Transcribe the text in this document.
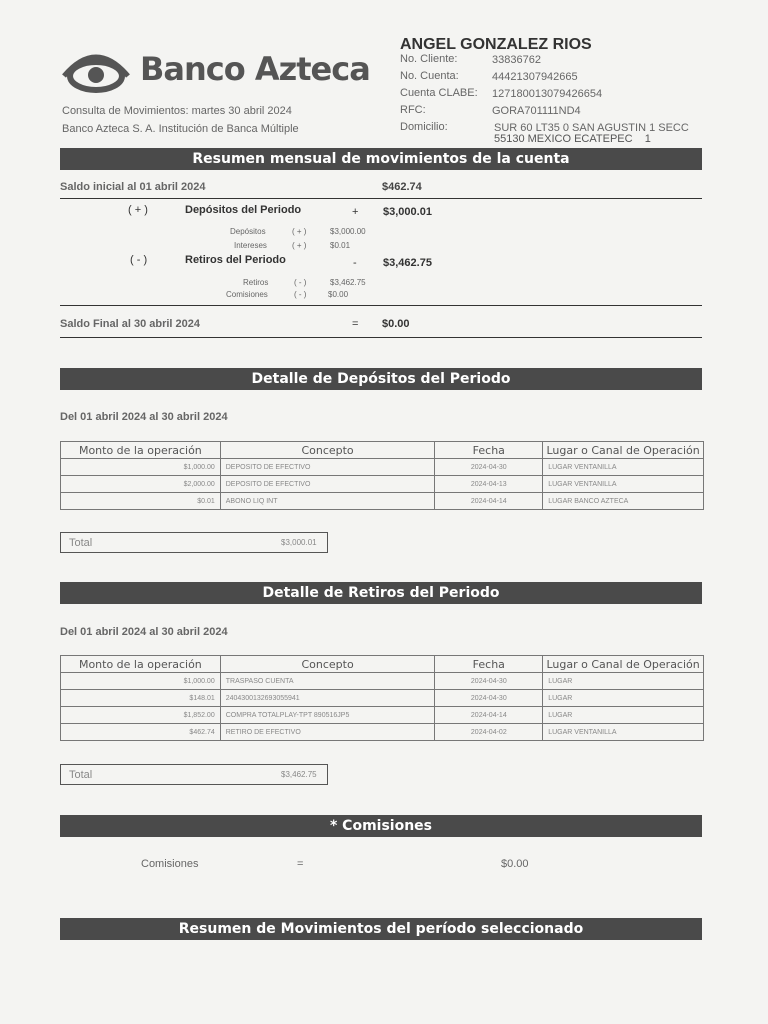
Banco Azteca
Consulta de Movimientos: martes 30 abril 2024
Banco Azteca S. A. Institución de Banca Múltiple
ANGEL GONZALEZ RIOS
No. Cliente:	33836762
No. Cuenta:	44421307942665
Cuenta CLABE: 127180013079426654
RFC:	GORA701111ND4
Domicilio:	SUR 60 LT35 0 SAN AGUSTIN 1 SECC
55130 MEXICO ECATEPEC    1
Resumen mensual de movimientos de la cuenta
Saldo inicial al 01 abril 2024	$462.74
( + )	Depósitos del Periodo	+ $3,000.01
Depósitos	( + )	$3,000.00
Intereses	( + )	$0.01
( - )	Retiros del Periodo	- $3,462.75
Retiros	( - )	$3,462.75
Comisiones	( - )	$0.00
Saldo Final al 30 abril 2024	= $0.00
Detalle de Depósitos del Periodo
Del 01 abril 2024 al 30 abril 2024
Monto de la operación	Concepto	Fecha	Lugar o Canal de Operación
$1,000.00	DEPOSITO DE EFECTIVO	2024-04-30	LUGAR VENTANILLA
$2,000.00	DEPOSITO DE EFECTIVO	2024-04-13	LUGAR VENTANILLA
$0.01	ABONO LIQ INT	2024-04-14	LUGAR BANCO AZTECA
Total	$3,000.01
Detalle de Retiros del Periodo
Del 01 abril 2024 al 30 abril 2024
Monto de la operación	Concepto	Fecha	Lugar o Canal de Operación
$1,000.00	TRASPASO CUENTA	2024-04-30	LUGAR
$148.01	2404300132693055941	2024-04-30	LUGAR
$1,852.00	COMPRA TOTALPLAY-TPT 890516JP5	2024-04-14	LUGAR
$462.74	RETIRO DE EFECTIVO	2024-04-02	LUGAR VENTANILLA
Total	$3,462.75
* Comisiones
Comisiones	=	$0.00
Resumen de Movimientos del período seleccionado
